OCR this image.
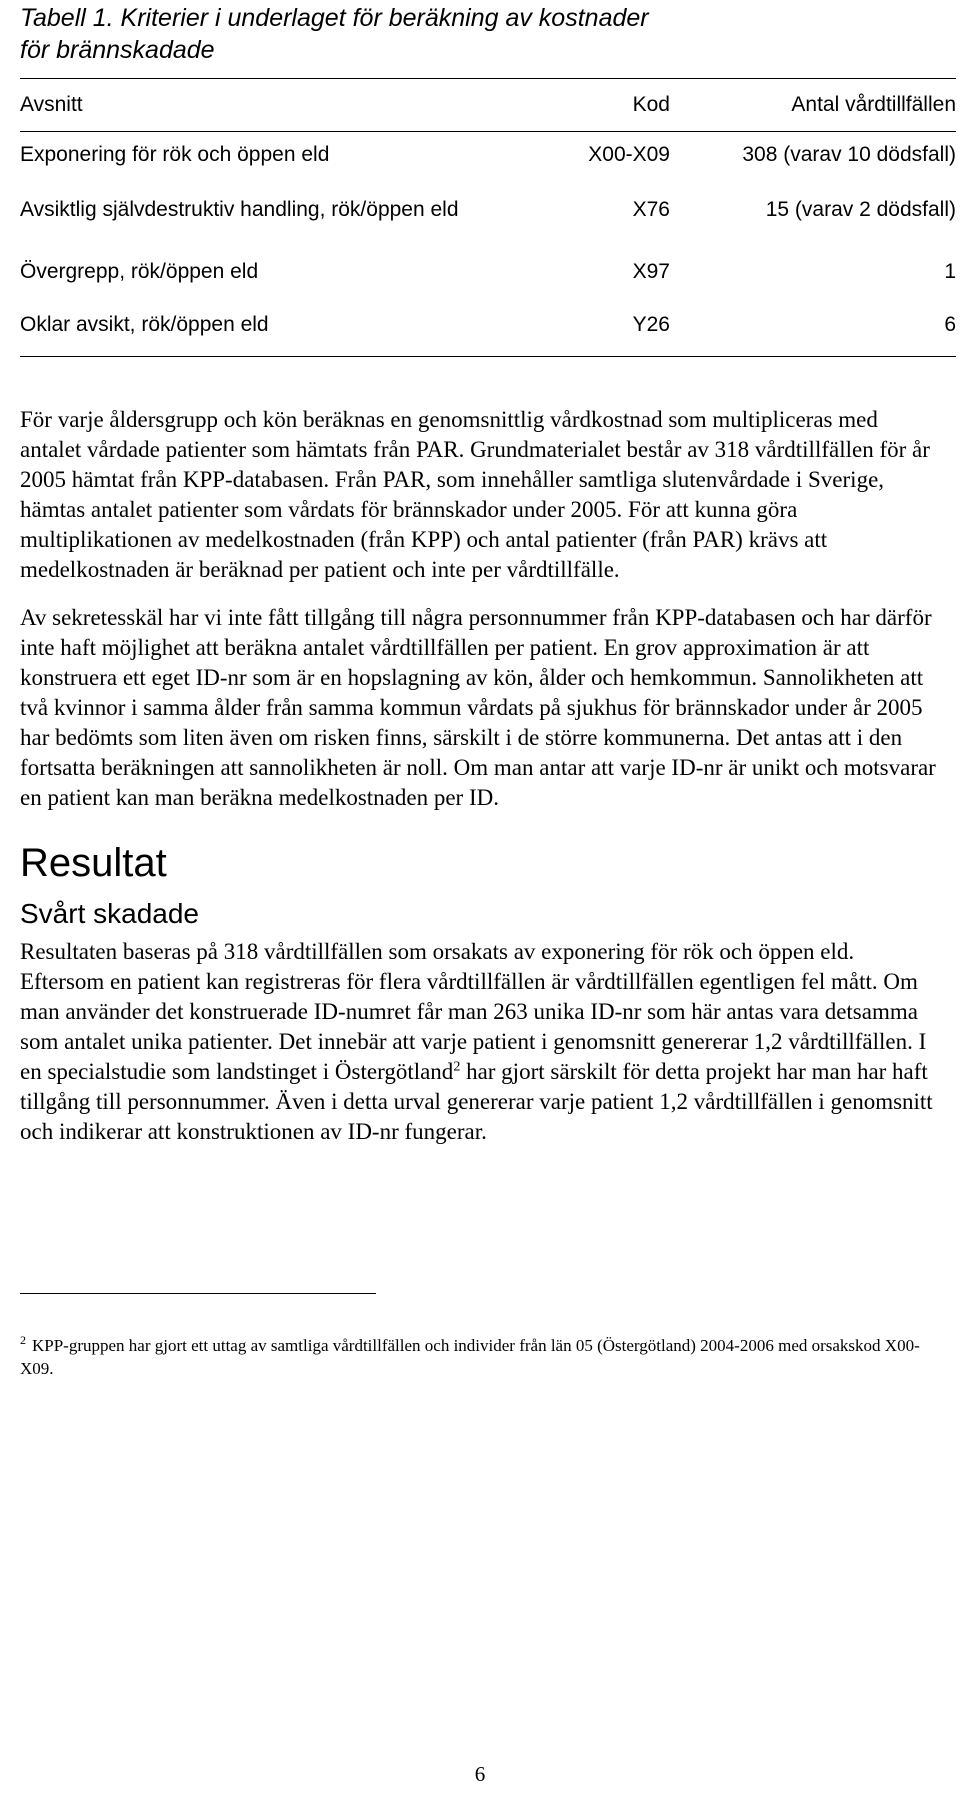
Tabell 1. Kriterier i underlaget för beräkning av kostnader för brännskadade

Avsnitt	Kod	Antal vårdtillfällen
Exponering för rök och öppen eld	X00-X09	308 (varav 10 dödsfall)

Avsiktlig självdestruktiv handling, rök/öppen eld	X76	15 (varav 2 dödsfall)
Övergrepp, rök/öppen eld	X97	1
Oklar avsikt, rök/öppen eld	Y26	6

För varje åldersgrupp och kön beräknas en genomsnittlig vårdkostnad som multipliceras med antalet vårdade patienter som hämtats från PAR. Grundmaterialet består av 318 vårdtillfällen för år 2005 hämtat från KPP-databasen. Från PAR, som innehåller samtliga slutenvårdade i Sverige, hämtas antalet patienter som vårdats för brännskador under 2005. För att kunna göra multiplikationen av medelkostnaden (från KPP) och antal patienter (från PAR) krävs att medelkostnaden är beräknad per patient och inte per vårdtillfälle.

Av sekretesskäl har vi inte fått tillgång till några personnummer från KPP-databasen och har därför inte haft möjlighet att beräkna antalet vårdtillfällen per patient. En grov approximation är att konstruera ett eget ID-nr som är en hopslagning av kön, ålder och hemkommun. Sannolikheten att två kvinnor i samma ålder från samma kommun vårdats på sjukhus för brännskador under år 2005 har bedömts som liten även om risken finns, särskilt i de större kommunerna. Det antas att i den fortsatta beräkningen att sannolikheten är noll. Om man antar att varje ID-nr är unikt och motsvarar en patient kan man beräkna medelkostnaden per ID.

Resultat
Svårt skadade

Resultaten baseras på 318 vårdtillfällen som orsakats av exponering för rök och öppen eld. Eftersom en patient kan registreras för flera vårdtillfällen är vårdtillfällen egentligen fel mått. Om man använder det konstruerade ID-numret får man 263 unika ID-nr som här antas vara detsamma som antalet unika patienter. Det innebär att varje patient i genomsnitt genererar 1,2 vårdtillfällen. I en specialstudie som landstinget i Östergötland$^2$ har gjort särskilt för detta projekt har man har haft tillgång till personnummer. Även i detta urval genererar varje patient 1,2 vårdtillfällen i genomsnitt och indikerar att konstruktionen av ID-nr fungerar.

$^2$ KPP-gruppen har gjort ett uttag av samtliga vårdtillfällen och individer från län 05 (Östergötland) 2004-2006 med orsakskod X00- X09.

6
